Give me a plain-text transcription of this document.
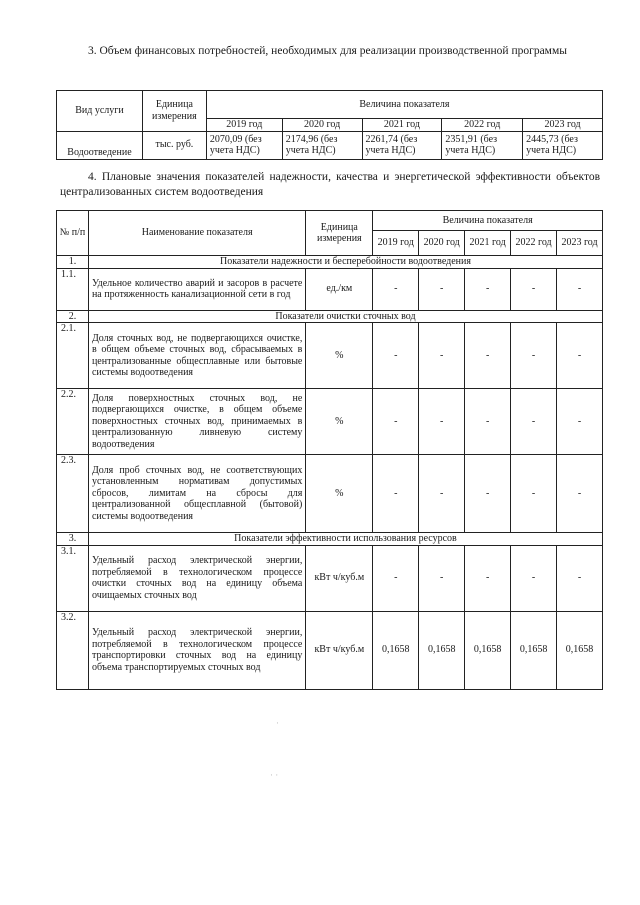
3. Объем финансовых потребностей, необходимых для реализации производственной программы
Вид услуги	Единица измерения	Величина показателя				
		2019 год	2020 год	2021 год	2022 год	2023 год
Водоотведение	тыс. руб.	2070,09 (без учета НДС)	2174,96 (без учета НДС)	2261,74 (без учета НДС)	2351,91 (без учета НДС)	2445,73 (без учета НДС)
4. Плановые значения показателей надежности, качества и энергетической эффективности объектов централизованных систем водоотведения
№ п/п	Наименование показателя	Единица измерения	Величина показателя				
			2019 год	2020 год	2021 год	2022 год	2023 год
1.	Показатели надежности и бесперебойности водоотведения						
1.1.	Удельное количество аварий и засоров в расчете на протяженность канализационной сети в год	ед./км	-	-	-	-	-
2.	Показатели очистки сточных вод						
2.1.	Доля сточных вод, не подвергающихся очистке, в общем объеме сточных вод, сбрасываемых в централизованные общесплавные или бытовые системы водоотведения	%	-	-	-	-	-
2.2.	Доля поверхностных сточных вод, не подвергающихся очистке, в общем объеме поверхностных сточных вод, принимаемых в централизованную ливневую систему водоотведения	%	-	-	-	-	-
2.3.	Доля проб сточных вод, не соответствующих установленным нормативам допустимых сбросов, лимитам на сбросы для централизованной общесплавной (бытовой) системы водоотведения	%	-	-	-	-	-
3.	Показатели эффективности использования ресурсов						
3.1.	Удельный расход электрической энергии, потребляемой в технологическом процессе очистки сточных вод на единицу объема очищаемых сточных вод	кВт ч/куб.м	-	-	-	-	-
3.2.	Удельный расход электрической энергии, потребляемой в технологическом процессе транспортировки сточных вод на единицу объема транспортируемых сточных вод	кВт ч/куб.м	0,1658	0,1658	0,1658	0,1658	0,1658
·
· ·
